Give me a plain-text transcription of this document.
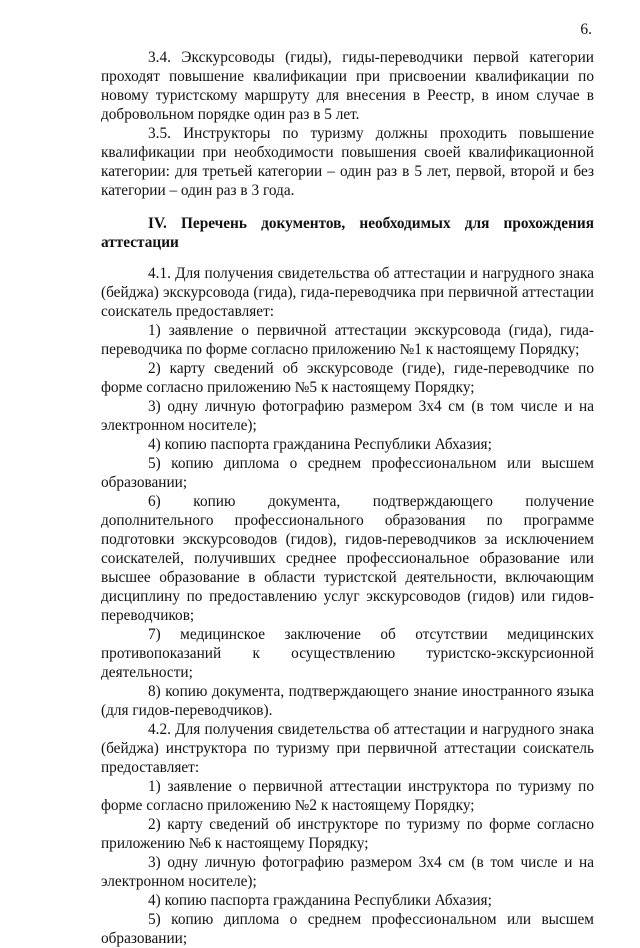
6.

3.4. Экскурсоводы (гиды), гиды-переводчики первой категории проходят повышение квалификации при присвоении квалификации по новому туристскому маршруту для внесения в Реестр, в ином случае в добровольном порядке один раз в 5 лет.

3.5. Инструкторы по туризму должны проходить повышение квалификации при необходимости повышения своей квалификационной категории: для третьей категории – один раз в 5 лет, первой, второй и без категории – один раз в 3 года.

IV. Перечень документов, необходимых для прохождения аттестации

4.1. Для получения свидетельства об аттестации и нагрудного знака (бейджа) экскурсовода (гида), гида-переводчика при первичной аттестации соискатель предоставляет:

1) заявление о первичной аттестации экскурсовода (гида), гида-переводчика по форме согласно приложению №1 к настоящему Порядку;

2) карту сведений об экскурсоводе (гиде), гиде-переводчике по форме согласно приложению №5 к настоящему Порядку;

3) одну личную фотографию размером 3х4 см (в том числе и на электронном носителе);

4) копию паспорта гражданина Республики Абхазия;

5) копию диплома о среднем профессиональном или высшем образовании;

6) копию документа, подтверждающего получение дополнительного профессионального образования по программе подготовки экскурсоводов (гидов), гидов-переводчиков за исключением соискателей, получивших среднее профессиональное образование или высшее образование в области туристской деятельности, включающим дисциплину по предоставлению услуг экскурсоводов (гидов) или гидов-переводчиков;

7) медицинское заключение об отсутствии медицинских противопоказаний к осуществлению туристско-экскурсионной деятельности;

8) копию документа, подтверждающего знание иностранного языка (для гидов-переводчиков).

4.2. Для получения свидетельства об аттестации и нагрудного знака (бейджа) инструктора по туризму при первичной аттестации соискатель предоставляет:

1) заявление о первичной аттестации инструктора по туризму по форме согласно приложению №2 к настоящему Порядку;

2) карту сведений об инструкторе по туризму по форме согласно приложению №6 к настоящему Порядку;

3) одну личную фотографию размером 3х4 см (в том числе и на электронном носителе);

4) копию паспорта гражданина Республики Абхазия;

5) копию диплома о среднем профессиональном или высшем образовании;
